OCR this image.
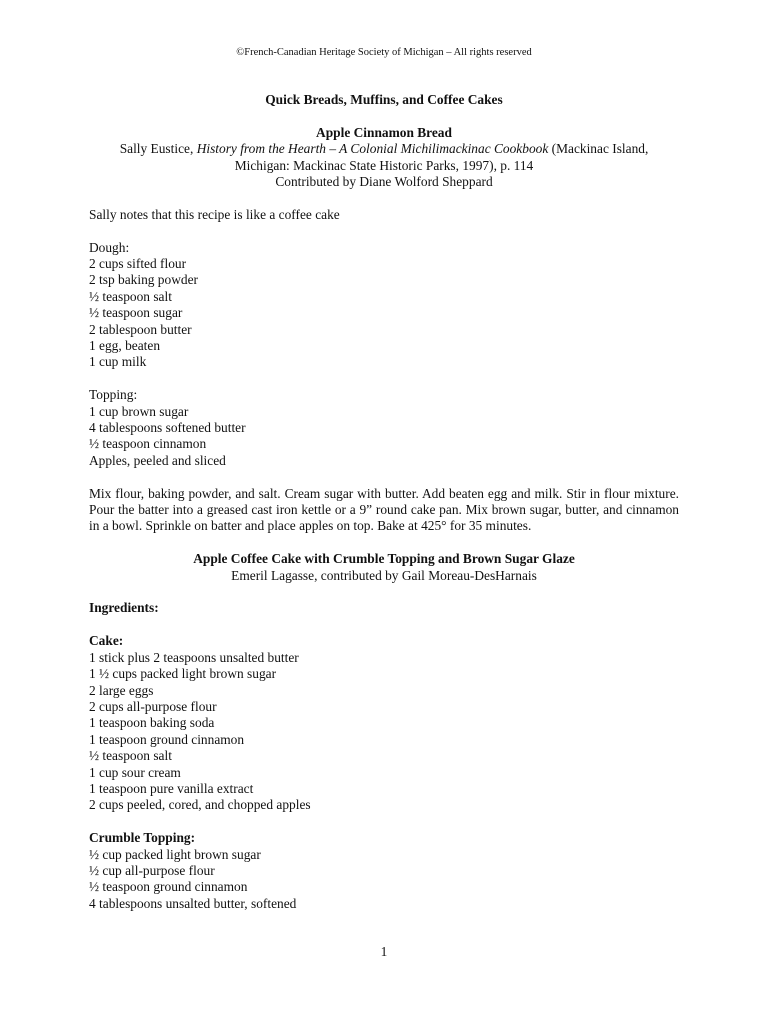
©French-Canadian Heritage Society of Michigan – All rights reserved
Quick Breads, Muffins, and Coffee Cakes
Apple Cinnamon Bread
Sally Eustice, History from the Hearth – A Colonial Michilimackinac Cookbook (Mackinac Island,
Michigan: Mackinac State Historic Parks, 1997), p. 114
Contributed by Diane Wolford Sheppard
Sally notes that this recipe is like a coffee cake
Dough:
2 cups sifted flour
2 tsp baking powder
½ teaspoon salt
½ teaspoon sugar
2 tablespoon butter
1 egg, beaten
1 cup milk
Topping:
1 cup brown sugar
4 tablespoons softened butter
½ teaspoon cinnamon
Apples, peeled and sliced
Mix flour, baking powder, and salt. Cream sugar with butter. Add beaten egg and milk. Stir in flour mixture. Pour the batter into a greased cast iron kettle or a 9” round cake pan. Mix brown sugar, butter, and cinnamon in a bowl. Sprinkle on batter and place apples on top. Bake at 425° for 35 minutes.
Apple Coffee Cake with Crumble Topping and Brown Sugar Glaze
Emeril Lagasse, contributed by Gail Moreau-DesHarnais
Ingredients:
Cake:
1 stick plus 2 teaspoons unsalted butter
1 ½ cups packed light brown sugar
2 large eggs
2 cups all-purpose flour
1 teaspoon baking soda
1 teaspoon ground cinnamon
½ teaspoon salt
1 cup sour cream
1 teaspoon pure vanilla extract
2 cups peeled, cored, and chopped apples
Crumble Topping:
½ cup packed light brown sugar
½ cup all-purpose flour
½ teaspoon ground cinnamon
4 tablespoons unsalted butter, softened
1
